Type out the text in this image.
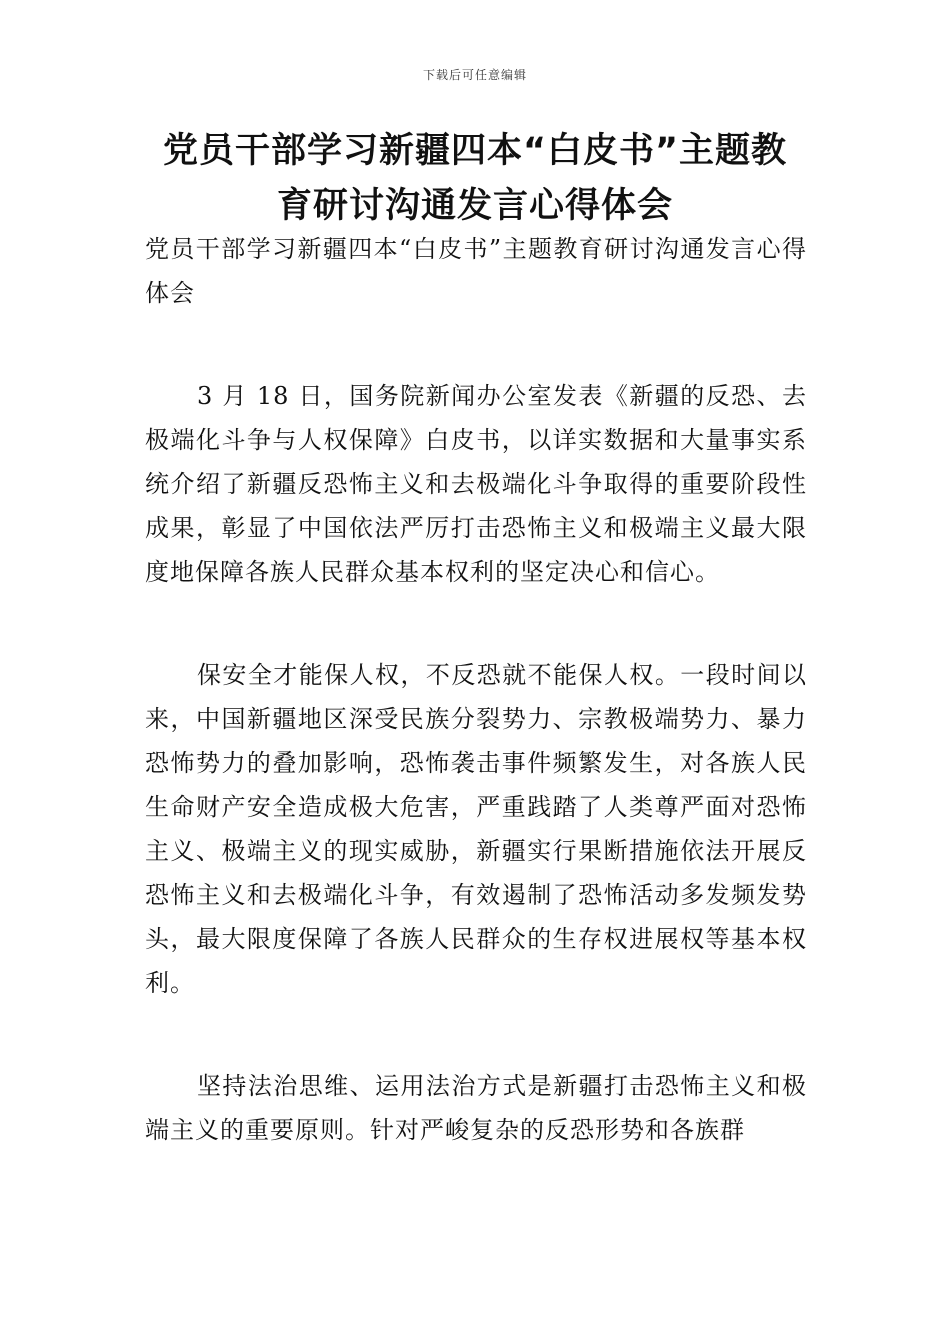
下载后可任意编辑
党员干部学习新疆四本“白皮书”主题教育研讨沟通发言心得体会

党员干部学习新疆四本“白皮书”主题教育研讨沟通发言心得体会

3 月 18 日，国务院新闻办公室发表《新疆的反恐、去极端化斗争与人权保障》白皮书，以详实数据和大量事实系统介绍了新疆反恐怖主义和去极端化斗争取得的重要阶段性成果，彰显了中国依法严厉打击恐怖主义和极端主义最大限度地保障各族人民群众基本权利的坚定决心和信心。

保安全才能保人权，不反恐就不能保人权。一段时间以来，中国新疆地区深受民族分裂势力、宗教极端势力、暴力恐怖势力的叠加影响，恐怖袭击事件频繁发生，对各族人民生命财产安全造成极大危害，严重践踏了人类尊严面对恐怖主义、极端主义的现实威胁，新疆实行果断措施依法开展反恐怖主义和去极端化斗争，有效遏制了恐怖活动多发频发势头，最大限度保障了各族人民群众的生存权进展权等基本权利。

坚持法治思维、运用法治方式是新疆打击恐怖主义和极端主义的重要原则。针对严峻复杂的反恐形势和各族群
